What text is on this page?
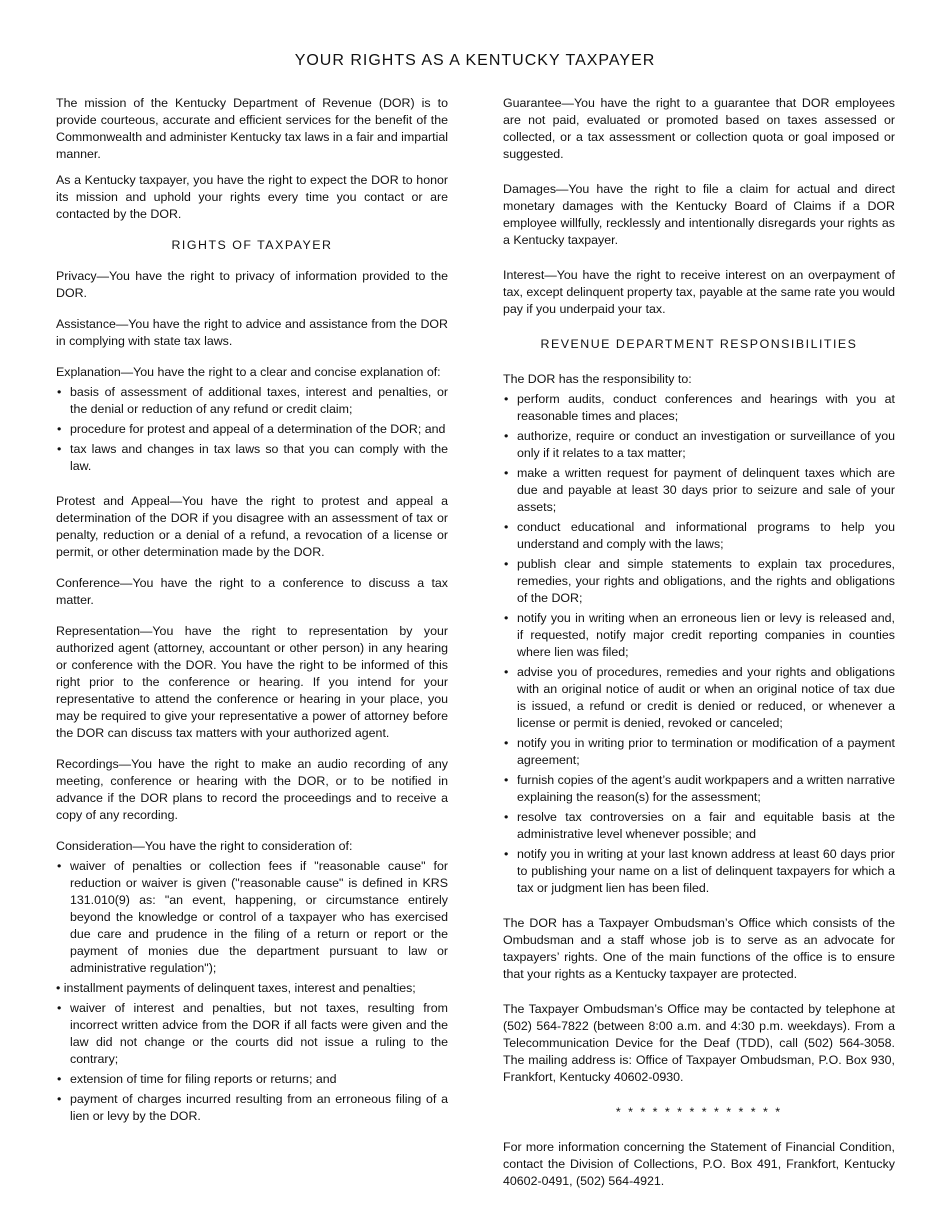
YOUR RIGHTS AS A KENTUCKY TAXPAYER

The mission of the Kentucky Department of Revenue (DOR) is to provide courteous, accurate and efficient services for the benefit of the Commonwealth and administer Kentucky tax laws in a fair and impartial manner.

As a Kentucky taxpayer, you have the right to expect the DOR to honor its mission and uphold your rights every time you contact or are contacted by the DOR.

RIGHTS OF TAXPAYER

Privacy—You have the right to privacy of information provided to the DOR.

Assistance—You have the right to advice and assistance from the DOR in complying with state tax laws.

Explanation—You have the right to a clear and concise explanation of:

• basis of assessment of additional taxes, interest and penalties, or the denial or reduction of any refund or credit claim;
• procedure for protest and appeal of a determination of the DOR; and
• tax laws and changes in tax laws so that you can comply with the law.

Protest and Appeal—You have the right to protest and appeal a determination of the DOR if you disagree with an assessment of tax or penalty, reduction or a denial of a refund, a revocation of a license or permit, or other determination made by the DOR.

Conference—You have the right to a conference to discuss a tax matter.

Representation—You have the right to representation by your authorized agent (attorney, accountant or other person) in any hearing or conference with the DOR. You have the right to be informed of this right prior to the conference or hearing. If you intend for your representative to attend the conference or hearing in your place, you may be required to give your representative a power of attorney before the DOR can discuss tax matters with your authorized agent.

Recordings—You have the right to make an audio recording of any meeting, conference or hearing with the DOR, or to be notified in advance if the DOR plans to record the proceedings and to receive a copy of any recording.

Consideration—You have the right to consideration of:

• waiver of penalties or collection fees if "reasonable cause" for reduction or waiver is given ("reasonable cause" is defined in KRS 131.010(9) as: "an event, happening, or circumstance entirely beyond the knowledge or control of a taxpayer who has exercised due care and prudence in the filing of a return or report or the payment of monies due the department pursuant to law or administrative regulation");
• installment payments of delinquent taxes, interest and penalties;
• waiver of interest and penalties, but not taxes, resulting from incorrect written advice from the DOR if all facts were given and the law did not change or the courts did not issue a ruling to the contrary;
• extension of time for filing reports or returns; and
• payment of charges incurred resulting from an erroneous filing of a lien or levy by the DOR.

Guarantee—You have the right to a guarantee that DOR employees are not paid, evaluated or promoted based on taxes assessed or collected, or a tax assessment or collection quota or goal imposed or suggested.

Damages—You have the right to file a claim for actual and direct monetary damages with the Kentucky Board of Claims if a DOR employee willfully, recklessly and intentionally disregards your rights as a Kentucky taxpayer.

Interest—You have the right to receive interest on an overpayment of tax, except delinquent property tax, payable at the same rate you would pay if you underpaid your tax.

REVENUE DEPARTMENT RESPONSIBILITIES

The DOR has the responsibility to:

• perform audits, conduct conferences and hearings with you at reasonable times and places;
• authorize, require or conduct an investigation or surveillance of you only if it relates to a tax matter;
• make a written request for payment of delinquent taxes which are due and payable at least 30 days prior to seizure and sale of your assets;
• conduct educational and informational programs to help you understand and comply with the laws;
• publish clear and simple statements to explain tax procedures, remedies, your rights and obligations, and the rights and obligations of the DOR;
• notify you in writing when an erroneous lien or levy is released and, if requested, notify major credit reporting companies in counties where lien was filed;
• advise you of procedures, remedies and your rights and obligations with an original notice of audit or when an original notice of tax due is issued, a refund or credit is denied or reduced, or whenever a license or permit is denied, revoked or canceled;
• notify you in writing prior to termination or modification of a payment agreement;
• furnish copies of the agent’s audit workpapers and a written narrative explaining the reason(s) for the assessment;
• resolve tax controversies on a fair and equitable basis at the administrative level whenever possible; and
• notify you in writing at your last known address at least 60 days prior to publishing your name on a list of delinquent taxpayers for which a tax or judgment lien has been filed.

The DOR has a Taxpayer Ombudsman’s Office which consists of the Ombudsman and a staff whose job is to serve as an advocate for taxpayers’ rights. One of the main functions of the office is to ensure that your rights as a Kentucky taxpayer are protected.

The Taxpayer Ombudsman’s Office may be contacted by telephone at (502) 564-7822 (between 8:00 a.m. and 4:30 p.m. weekdays). From a Telecommunication Device for the Deaf (TDD), call (502) 564-3058. The mailing address is: Office of Taxpayer Ombudsman, P.O. Box 930, Frankfort, Kentucky 40602-0930.

* * * * * * * * * * * * * *

For more information concerning the Statement of Financial Condition, contact the Division of Collections, P.O. Box 491, Frankfort, Kentucky 40602-0491, (502) 564-4921.
